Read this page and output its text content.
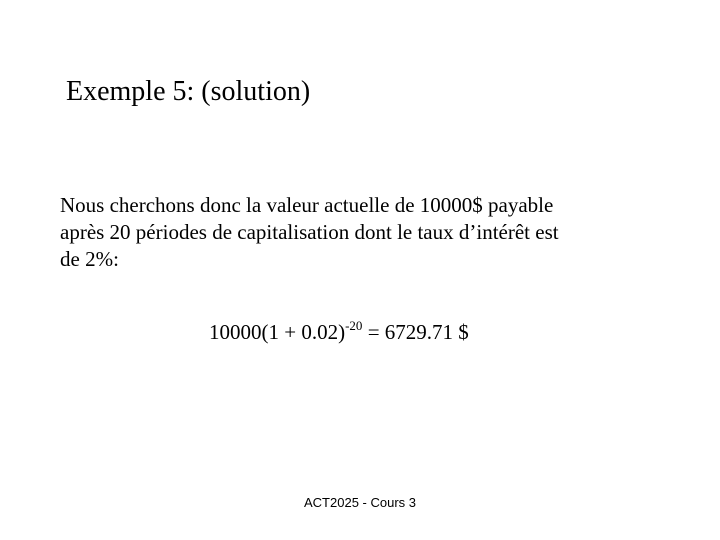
Exemple 5: (solution)
Nous cherchons donc la valeur actuelle de 10000$ payable
après 20 périodes de capitalisation dont le taux d’intérêt est
de 2%:
$10000(1 + 0.02)^{-20} = 6729.71$ $
ACT2025 - Cours 3
